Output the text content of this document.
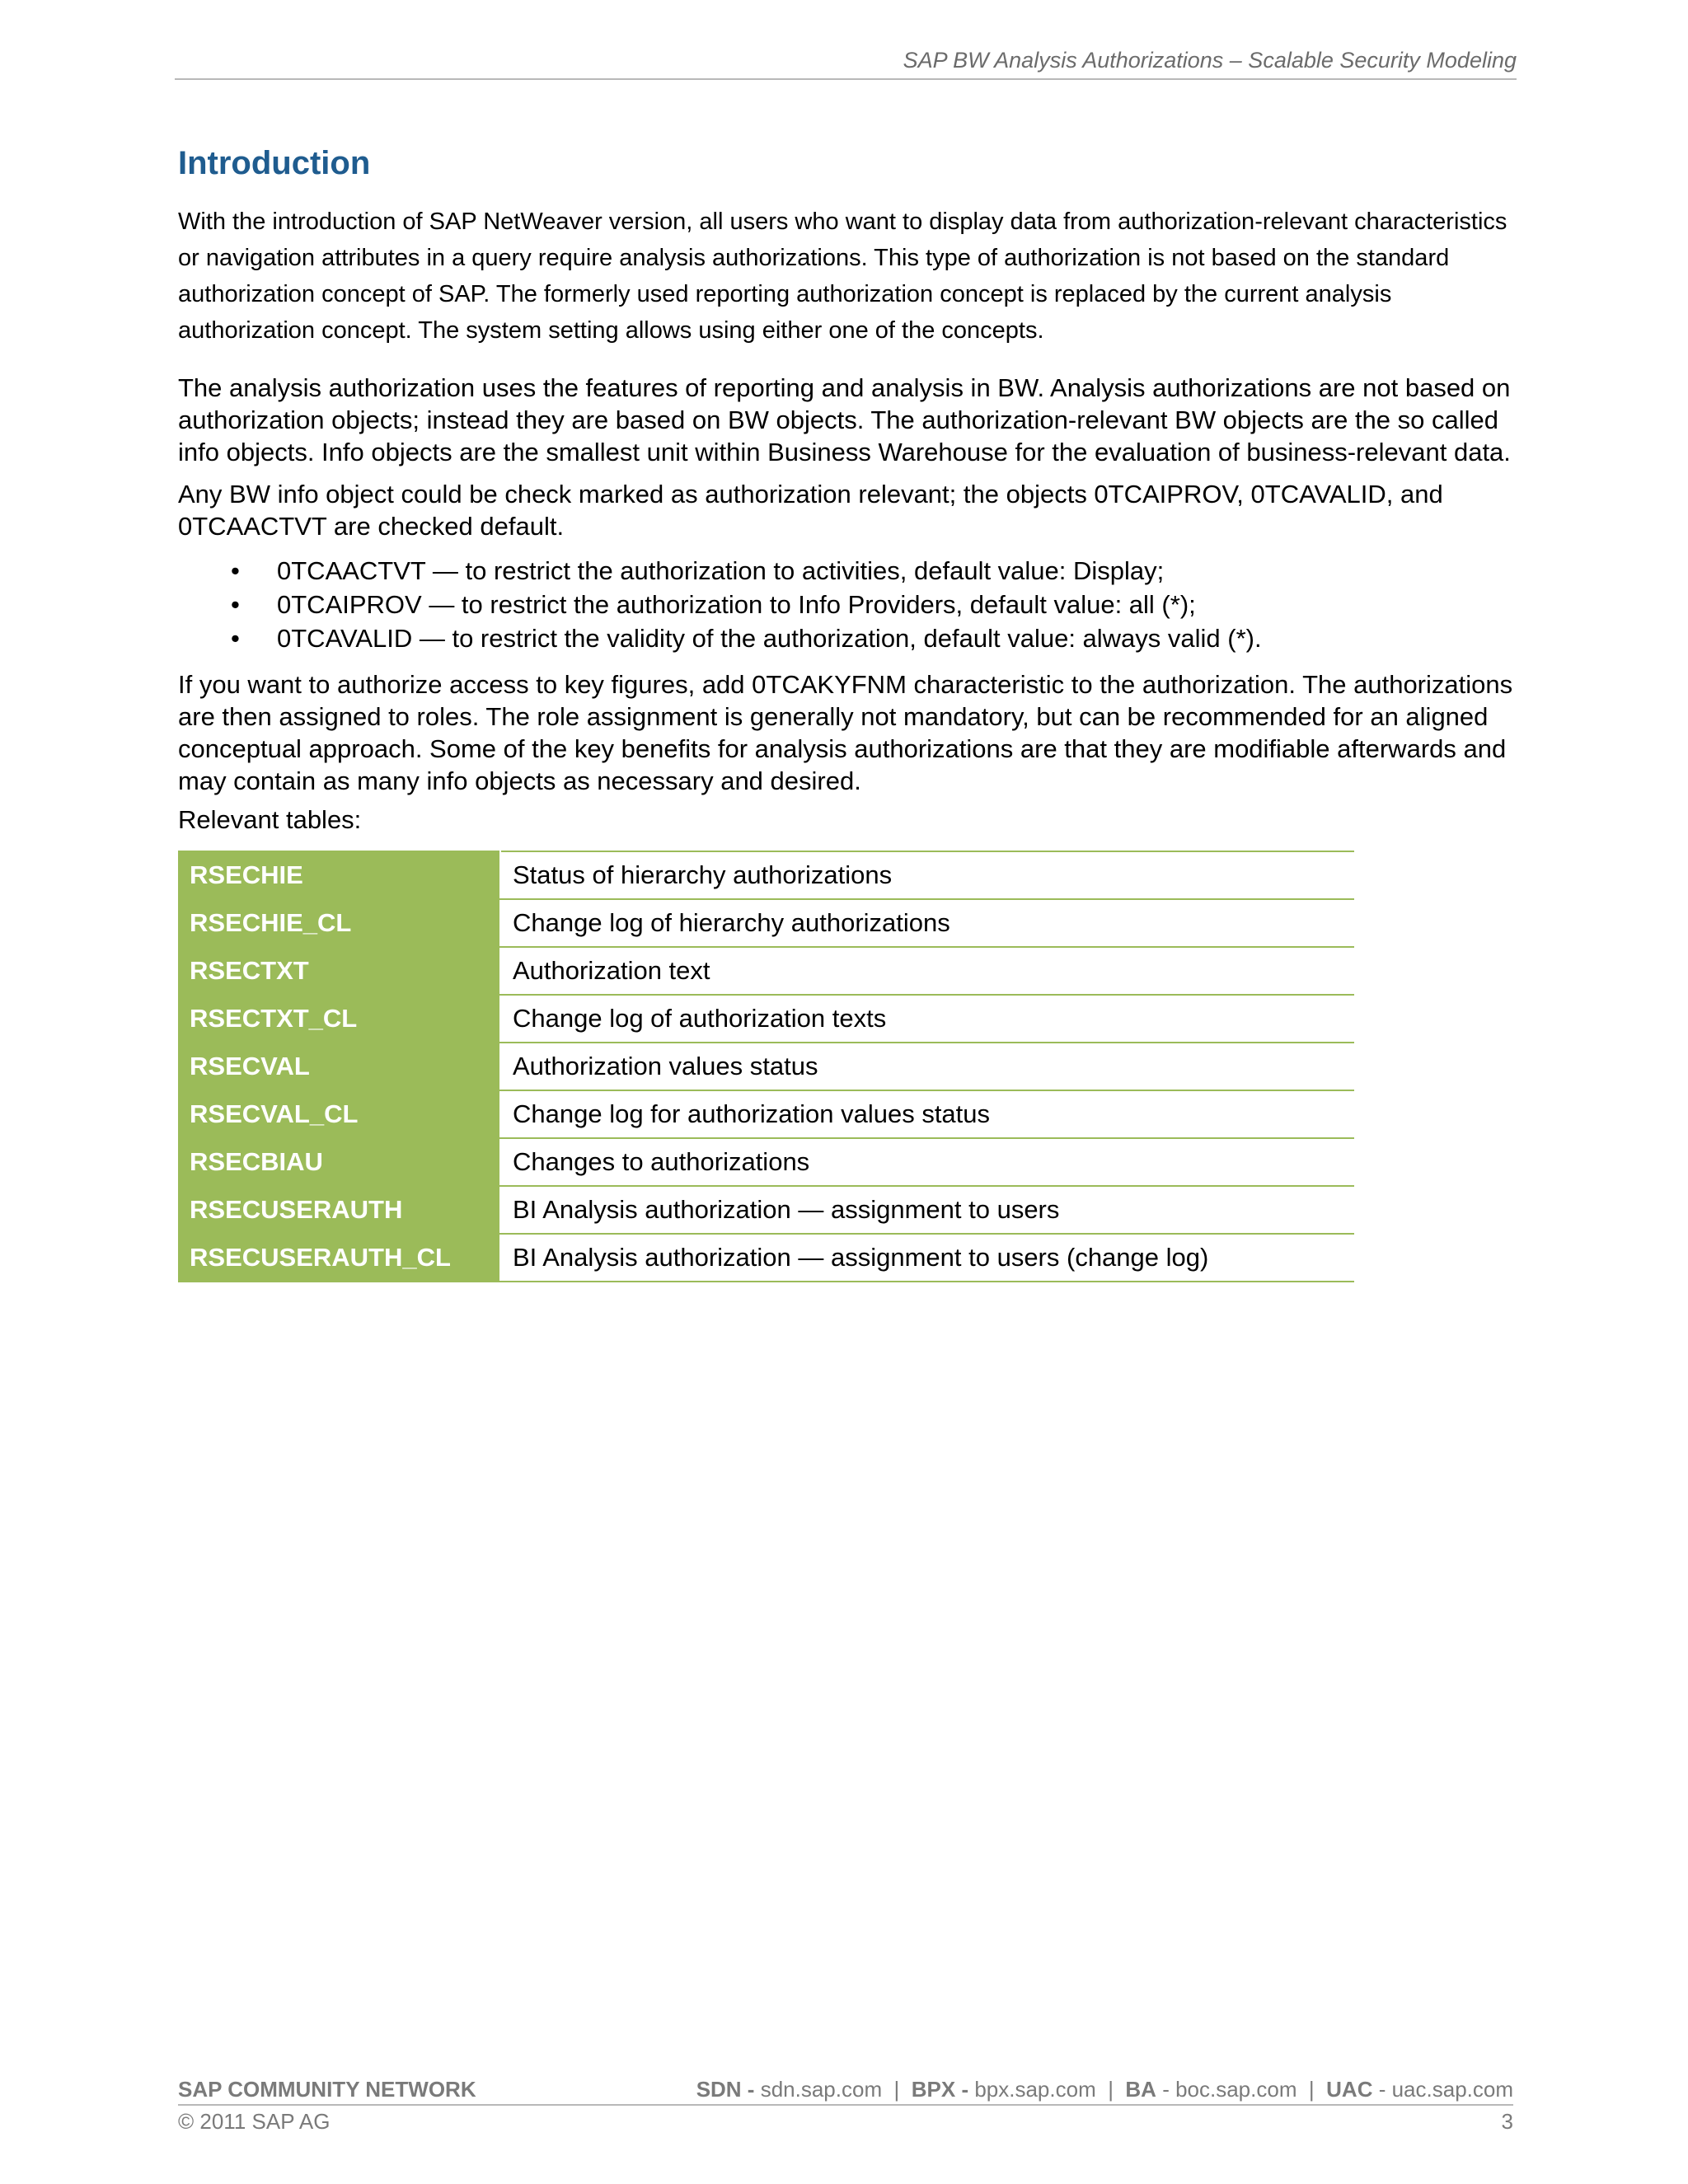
SAP BW Analysis Authorizations – Scalable Security Modeling
Introduction

With the introduction of SAP NetWeaver version, all users who want to display data from authorization-relevant characteristics or navigation attributes in a query require analysis authorizations. This type of authorization is not based on the standard authorization concept of SAP. The formerly used reporting authorization concept is replaced by the current analysis authorization concept. The system setting allows using either one of the concepts.

The analysis authorization uses the features of reporting and analysis in BW. Analysis authorizations are not based on authorization objects; instead they are based on BW objects. The authorization-relevant BW objects are the so called info objects. Info objects are the smallest unit within Business Warehouse for the evaluation of business-relevant data.

Any BW info object could be check marked as authorization relevant; the objects 0TCAIPROV, 0TCAVALID, and 0TCAACTVT are checked default.

• 0TCAACTVT — to restrict the authorization to activities, default value: Display;
• 0TCAIPROV — to restrict the authorization to Info Providers, default value: all (*);
• 0TCAVALID — to restrict the validity of the authorization, default value: always valid (*).

If you want to authorize access to key figures, add 0TCAKYFNM characteristic to the authorization. The authorizations are then assigned to roles. The role assignment is generally not mandatory, but can be recommended for an aligned conceptual approach. Some of the key benefits for analysis authorizations are that they are modifiable afterwards and may contain as many info objects as necessary and desired.

Relevant tables:

RSECHIE	Status of hierarchy authorizations
RSECHIE_CL	Change log of hierarchy authorizations
RSECTXT	Authorization text
RSECTXT_CL	Change log of authorization texts
RSECVAL	Authorization values status
RSECVAL_CL	Change log for authorization values status
RSECBIAU	Changes to authorizations
RSECUSERAUTH	BI Analysis authorization — assignment to users
RSECUSERAUTH_CL	BI Analysis authorization — assignment to users (change log)
SAP COMMUNITY NETWORK	SDN - sdn.sap.com  |  BPX - bpx.sap.com  |  BA - boc.sap.com  |  UAC - uac.sap.com
© 2011 SAP AG	3
